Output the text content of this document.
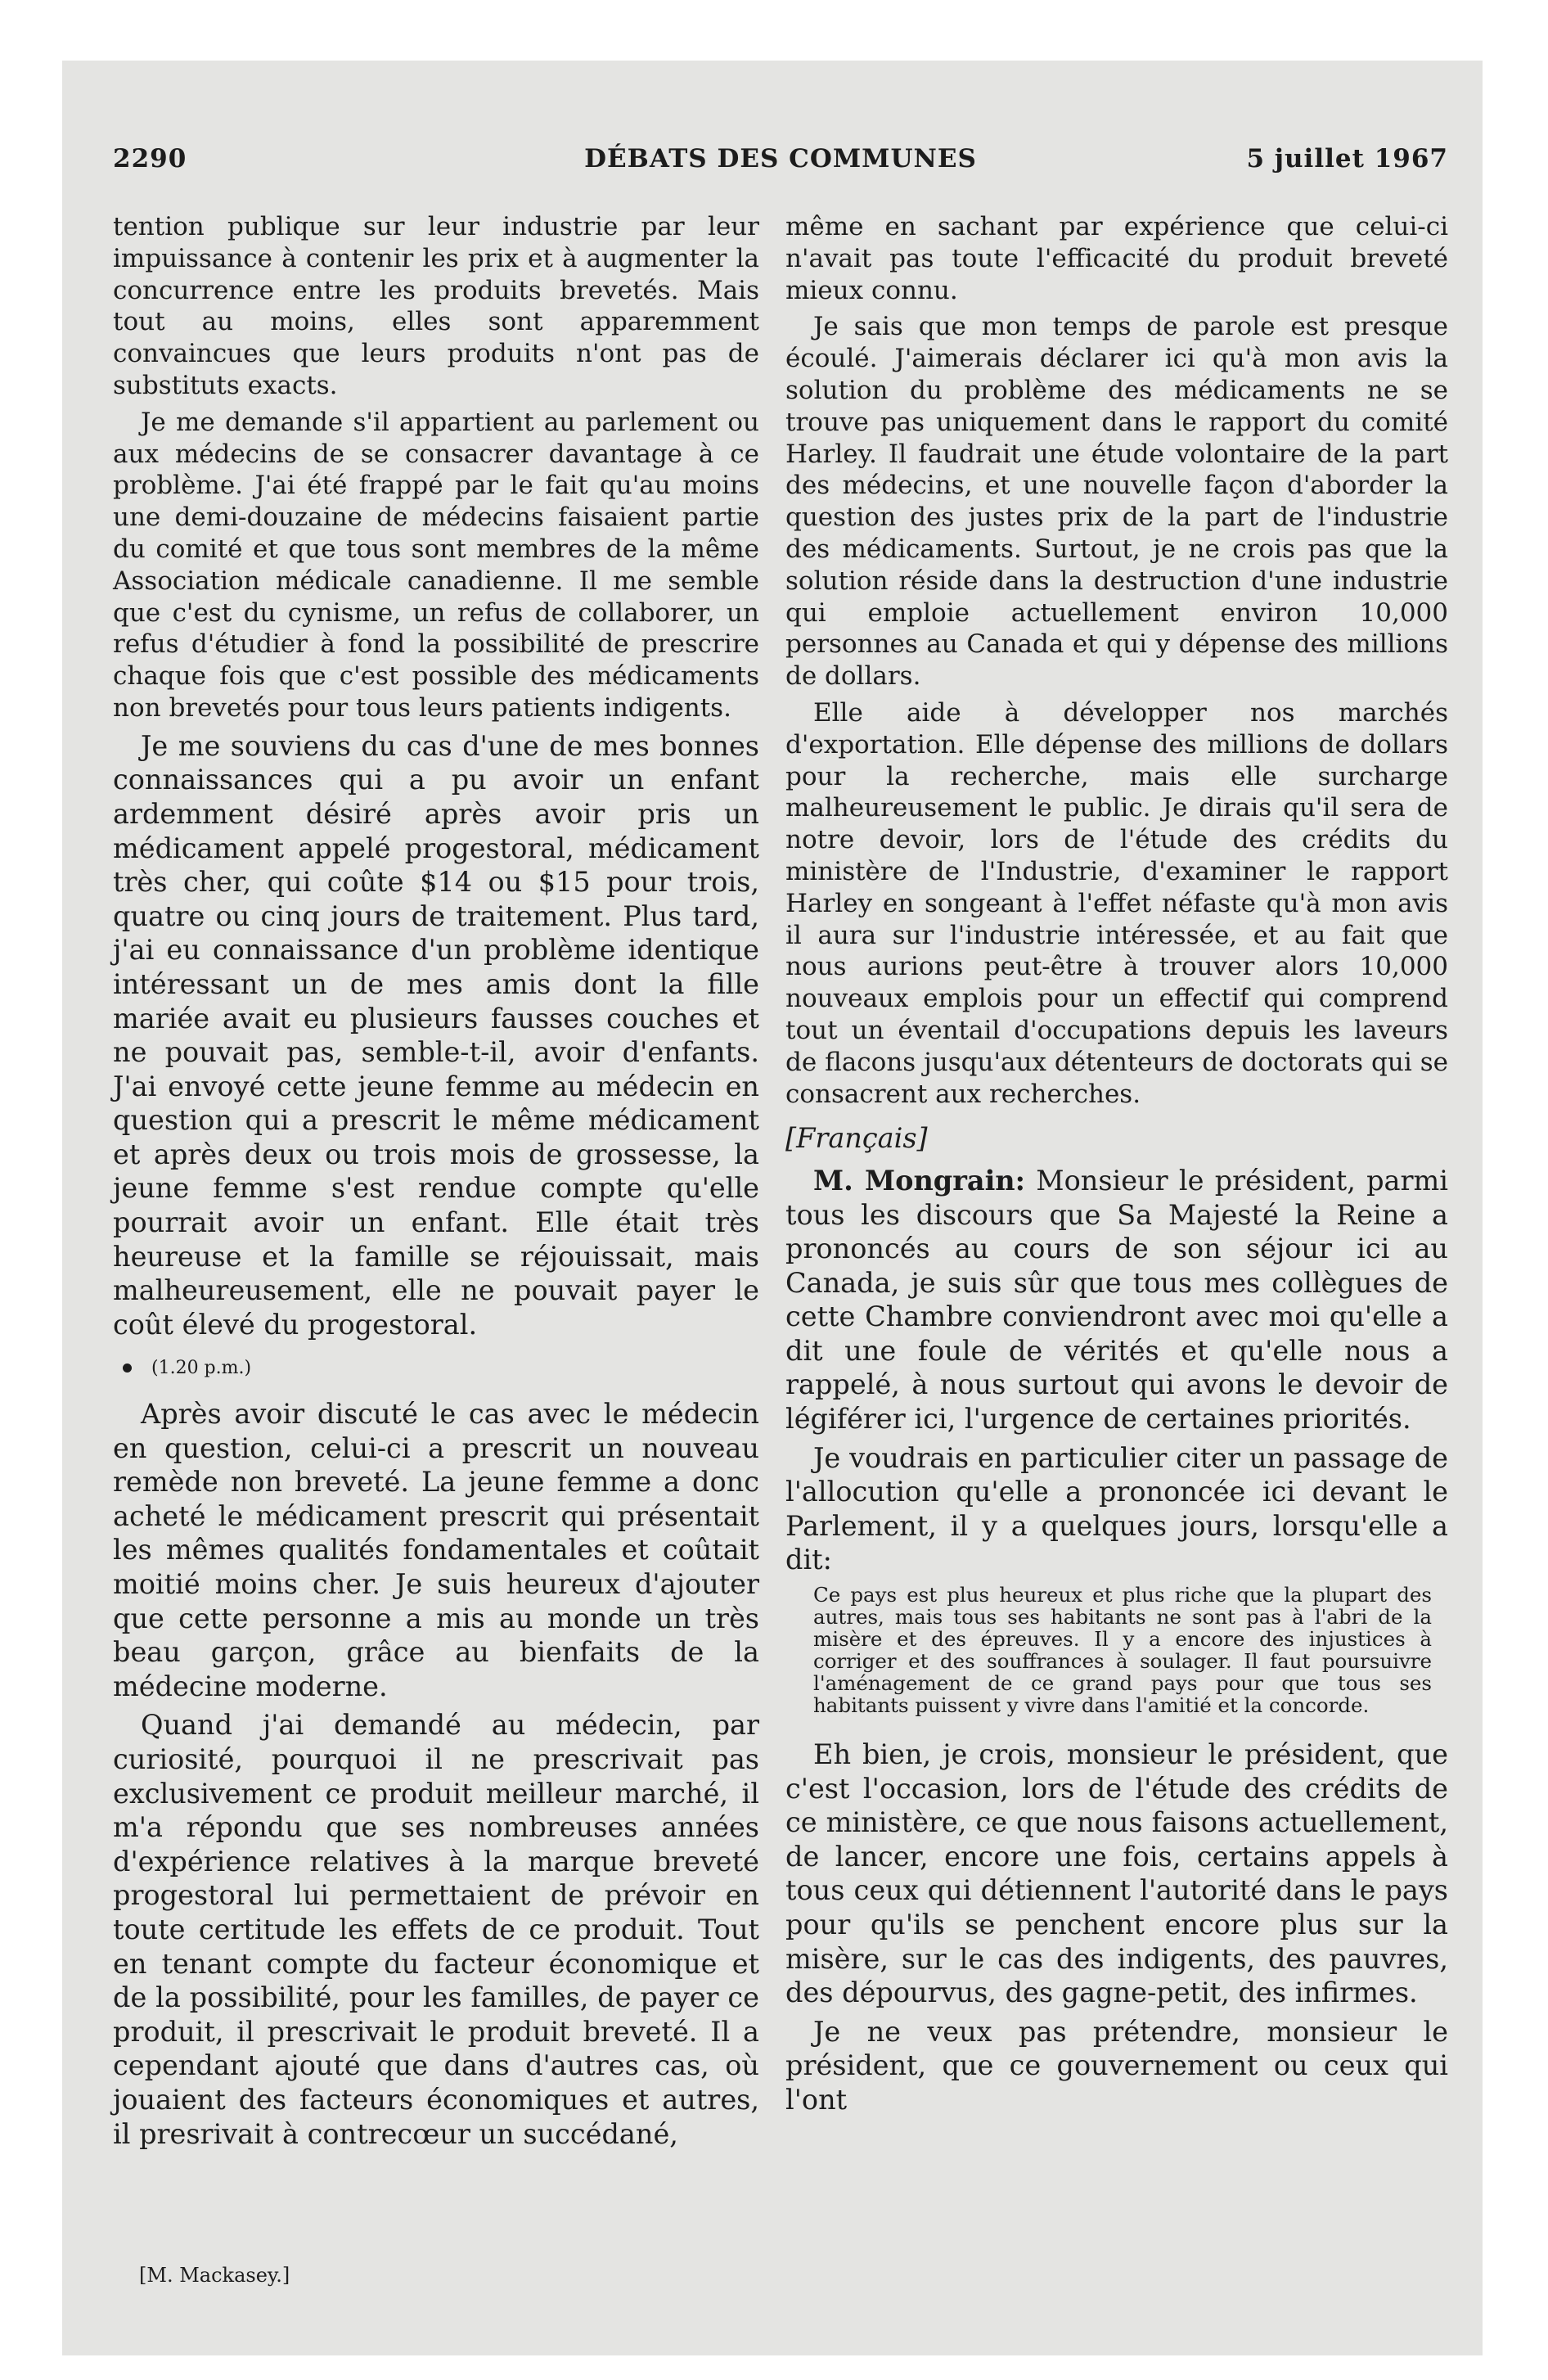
2290	DÉBATS DES COMMUNES	5 juillet 1967

tention publique sur leur industrie par leur impuissance à contenir les prix et à augmenter la concurrence entre les produits brevetés. Mais tout au moins, elles sont apparemment convaincues que leurs produits n'ont pas de substituts exacts.

Je me demande s'il appartient au parlement ou aux médecins de se consacrer davantage à ce problème. J'ai été frappé par le fait qu'au moins une demi-douzaine de médecins faisaient partie du comité et que tous sont membres de la même Association médicale canadienne. Il me semble que c'est du cynisme, un refus de collaborer, un refus d'étudier à fond la possibilité de prescrire chaque fois que c'est possible des médicaments non brevetés pour tous leurs patients indigents.

Je me souviens du cas d'une de mes bonnes connaissances qui a pu avoir un enfant ardemment désiré après avoir pris un médicament appelé progestoral, médicament très cher, qui coûte $14 ou $15 pour trois, quatre ou cinq jours de traitement. Plus tard, j'ai eu connaissance d'un problème identique intéressant un de mes amis dont la fille mariée avait eu plusieurs fausses couches et ne pouvait pas, semble-t-il, avoir d'enfants. J'ai envoyé cette jeune femme au médecin en question qui a prescrit le même médicament et après deux ou trois mois de grossesse, la jeune femme s'est rendue compte qu'elle pourrait avoir un enfant. Elle était très heureuse et la famille se réjouissait, mais malheureusement, elle ne pouvait payer le coût élevé du progestoral.

(1.20 p.m.)

Après avoir discuté le cas avec le médecin en question, celui-ci a prescrit un nouveau remède non breveté. La jeune femme a donc acheté le médicament prescrit qui présentait les mêmes qualités fondamentales et coûtait moitié moins cher. Je suis heureux d'ajouter que cette personne a mis au monde un très beau garçon, grâce au bienfaits de la médecine moderne.

Quand j'ai demandé au médecin, par curiosité, pourquoi il ne prescrivait pas exclusivement ce produit meilleur marché, il m'a répondu que ses nombreuses années d'expérience relatives à la marque breveté progestoral lui permettaient de prévoir en toute certitude les effets de ce produit. Tout en tenant compte du facteur économique et de la possibilité, pour les familles, de payer ce produit, il prescrivait le produit breveté. Il a cependant ajouté que dans d'autres cas, où jouaient des facteurs économiques et autres, il presrivait à contrecœur un succédané,

même en sachant par expérience que celui-ci n'avait pas toute l'efficacité du produit breveté mieux connu.

Je sais que mon temps de parole est presque écoulé. J'aimerais déclarer ici qu'à mon avis la solution du problème des médicaments ne se trouve pas uniquement dans le rapport du comité Harley. Il faudrait une étude volontaire de la part des médecins, et une nouvelle façon d'aborder la question des justes prix de la part de l'industrie des médicaments. Surtout, je ne crois pas que la solution réside dans la destruction d'une industrie qui emploie actuellement environ 10,000 personnes au Canada et qui y dépense des millions de dollars.

Elle aide à développer nos marchés d'exportation. Elle dépense des millions de dollars pour la recherche, mais elle surcharge malheureusement le public. Je dirais qu'il sera de notre devoir, lors de l'étude des crédits du ministère de l'Industrie, d'examiner le rapport Harley en songeant à l'effet néfaste qu'à mon avis il aura sur l'industrie intéressée, et au fait que nous aurions peut-être à trouver alors 10,000 nouveaux emplois pour un effectif qui comprend tout un éventail d'occupations depuis les laveurs de flacons jusqu'aux détenteurs de doctorats qui se consacrent aux recherches.

[Français]

M. Mongrain: Monsieur le président, parmi tous les discours que Sa Majesté la Reine a prononcés au cours de son séjour ici au Canada, je suis sûr que tous mes collègues de cette Chambre conviendront avec moi qu'elle a dit une foule de vérités et qu'elle nous a rappelé, à nous surtout qui avons le devoir de légiférer ici, l'urgence de certaines priorités.

Je voudrais en particulier citer un passage de l'allocution qu'elle a prononcée ici devant le Parlement, il y a quelques jours, lorsqu'elle a dit:

Ce pays est plus heureux et plus riche que la plupart des autres, mais tous ses habitants ne sont pas à l'abri de la misère et des épreuves. Il y a encore des injustices à corriger et des souffrances à soulager. Il faut poursuivre l'aménagement de ce grand pays pour que tous ses habitants puissent y vivre dans l'amitié et la concorde.

Eh bien, je crois, monsieur le président, que c'est l'occasion, lors de l'étude des crédits de ce ministère, ce que nous faisons actuellement, de lancer, encore une fois, certains appels à tous ceux qui détiennent l'autorité dans le pays pour qu'ils se penchent encore plus sur la misère, sur le cas des indigents, des pauvres, des dépourvus, des gagne-petit, des infirmes.

Je ne veux pas prétendre, monsieur le président, que ce gouvernement ou ceux qui l'ont

[M. Mackasey.]
